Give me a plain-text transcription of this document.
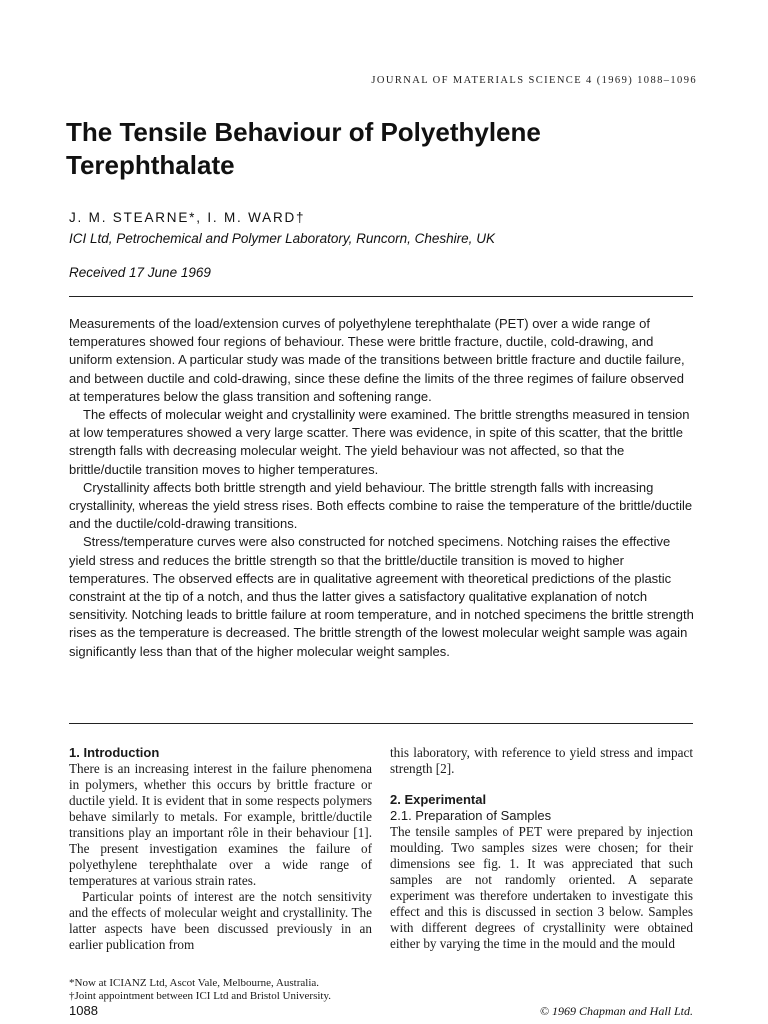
JOURNAL OF MATERIALS SCIENCE 4 (1969) 1088–1096
The Tensile Behaviour of Polyethylene
Terephthalate
J. M. STEARNE*, I. M. WARD†
ICI Ltd, Petrochemical and Polymer Laboratory, Runcorn, Cheshire, UK
Received 17 June 1969

Measurements of the load/extension curves of polyethylene terephthalate (PET) over a wide range of temperatures showed four regions of behaviour. These were brittle fracture, ductile, cold-drawing, and uniform extension. A particular study was made of the transitions between brittle fracture and ductile failure, and between ductile and cold-drawing, since these define the limits of the three regimes of failure observed at temperatures below the glass transition and softening range.

The effects of molecular weight and crystallinity were examined. The brittle strengths measured in tension at low temperatures showed a very large scatter. There was evidence, in spite of this scatter, that the brittle strength falls with decreasing molecular weight. The yield behaviour was not affected, so that the brittle/ductile transition moves to higher temperatures.

Crystallinity affects both brittle strength and yield behaviour. The brittle strength falls with increasing crystallinity, whereas the yield stress rises. Both effects combine to raise the temperature of the brittle/ductile and the ductile/cold-drawing transitions.

Stress/temperature curves were also constructed for notched specimens. Notching raises the effective yield stress and reduces the brittle strength so that the brittle/ductile transition is moved to higher temperatures. The observed effects are in qualitative agreement with theoretical predictions of the plastic constraint at the tip of a notch, and thus the latter gives a satisfactory qualitative explanation of notch sensitivity. Notching leads to brittle failure at room temperature, and in notched specimens the brittle strength rises as the temperature is decreased. The brittle strength of the lowest molecular weight sample was again significantly less than that of the higher molecular weight samples.

1. Introduction

There is an increasing interest in the failure phenomena in polymers, whether this occurs by brittle fracture or ductile yield. It is evident that in some respects polymers behave similarly to metals. For example, brittle/ductile transitions play an important rôle in their behaviour [1]. The present investigation examines the failure of polyethylene terephthalate over a wide range of temperatures at various strain rates.

Particular points of interest are the notch sensitivity and the effects of molecular weight and crystallinity. The latter aspects have been discussed previously in an earlier publication from

this laboratory, with reference to yield stress and impact strength [2].

2. Experimental

2.1. Preparation of Samples

The tensile samples of PET were prepared by injection moulding. Two samples sizes were chosen; for their dimensions see fig. 1. It was appreciated that such samples are not randomly oriented. A separate experiment was therefore undertaken to investigate this effect and this is discussed in section 3 below. Samples with different degrees of crystallinity were obtained either by varying the time in the mould and the mould

*Now at ICIANZ Ltd, Ascot Vale, Melbourne, Australia.
†Joint appointment between ICI Ltd and Bristol University.
1088	© 1969 Chapman and Hall Ltd.
